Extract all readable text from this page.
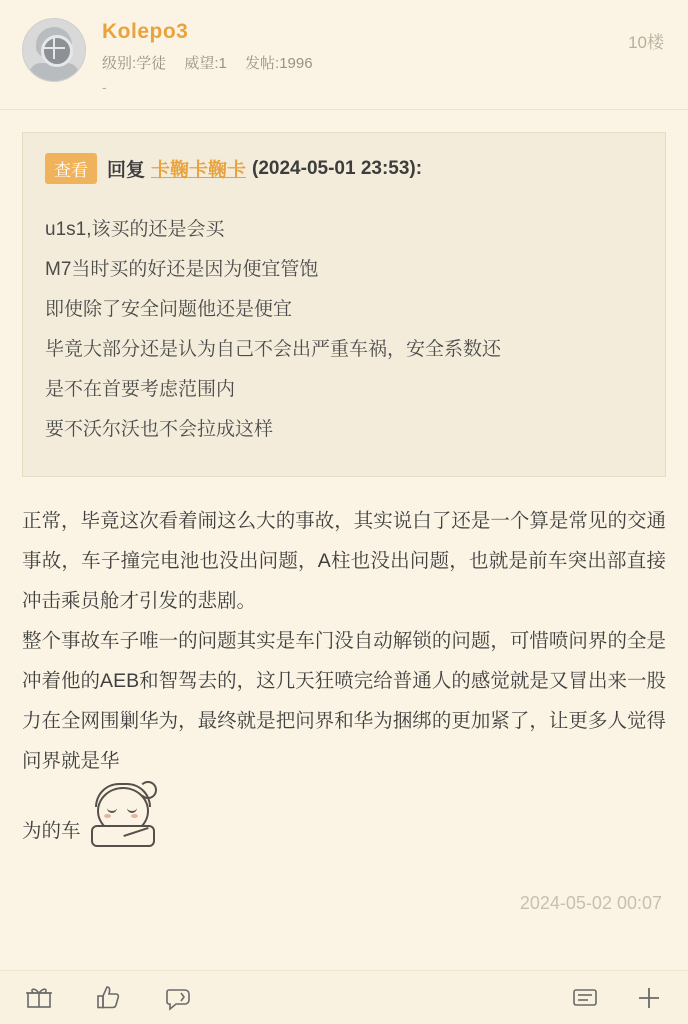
Kolepo3
级别:学徒 威望:1 发帖:1996
-
10楼
查看	回复 卡鞠卡鞠卡 (2024-05-01 23:53):
u1s1,该买的还是会买
M7当时买的好还是因为便宜管饱
即使除了安全问题他还是便宜
毕竟大部分还是认为自己不会出严重车祸，安全系数还
是不在首要考虑范围内
要不沃尔沃也不会拉成这样
正常，毕竟这次看着闹这么大的事故，其实说白了还是一个算是常见的交通事故，车子撞完电池也没出问题，A柱也没出问题，也就是前车突出部直接冲击乘员舱才引发的悲剧。
整个事故车子唯一的问题其实是车门没自动解锁的问题，可惜喷问界的全是冲着他的AEB和智驾去的，这几天狂喷完给普通人的感觉就是又冒出来一股力在全网围剿华为，最终就是把问界和华为捆绑的更加紧了，让更多人觉得问界就是华
为的车
2024-05-02 00:07
